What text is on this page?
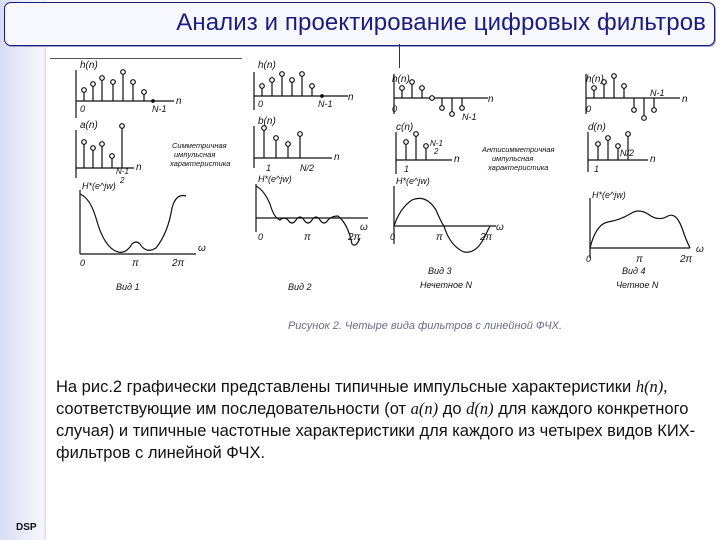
Анализ и проектирование цифровых фильтров
h(n)
n
0	N-1
a(n)
n
N-1
2
Симметричная
импульсная
характеристика
H*(e^jw)
0	π	2π
ω
Вид 1
h(n)
n
0	N-1
b(n)
n
1	N/2
H*(e^jw)
0	π	2π
ω
Вид 2
h(n)
n
0
N-1
c(n)
N-1
2
n
1
Антисимметричная
импульсная
характеристика
H*(e^jw)
0	π	2π
ω
Вид 3
Нечетное N
h(n)
n
0
N-1
d(n)
N/2
n
1
H*(e^jw)
0	π	2π
ω
Вид 4
Четное N
Рисунок 2. Четыре вида фильтров с линейной ФЧХ.
На рис.2 графически представлены типичные импульсные характеристики h(n), соответствующие им последовательности (от a(n) до d(n) для каждого конкретного случая) и типичные частотные характеристики для каждого из четырех видов КИХ-фильтров с линейной ФЧХ.
DSP
